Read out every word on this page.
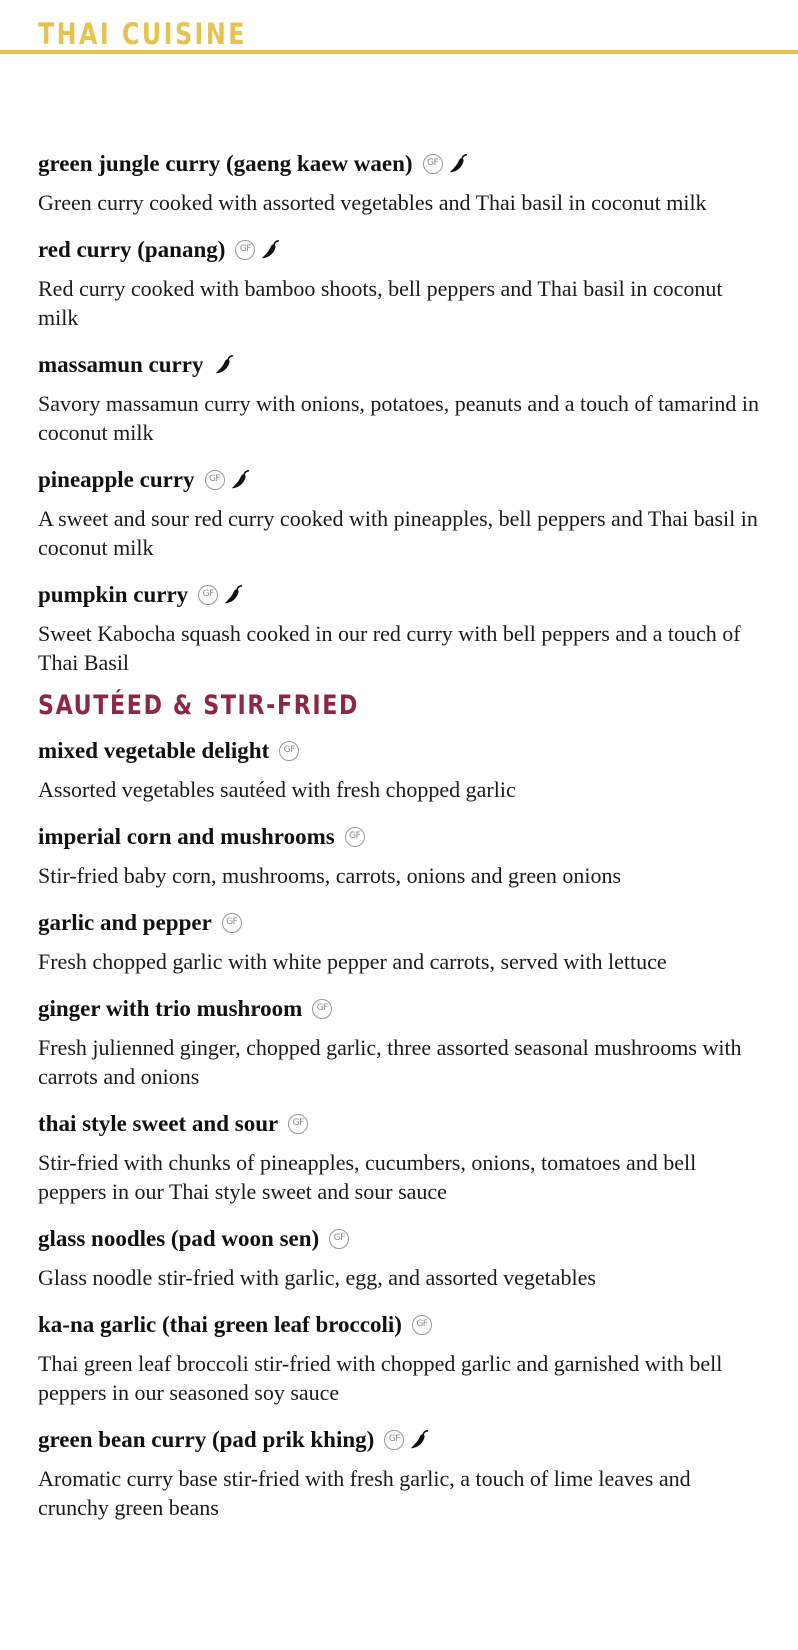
THAI CUISINE
green jungle curry (gaeng kaew waen)	GF
Green curry cooked with assorted vegetables and Thai basil in coconut milk
red curry (panang)	GF
Red curry cooked with bamboo shoots, bell peppers and Thai basil in coconut milk
massamun curry
Savory massamun curry with onions, potatoes, peanuts and a touch of tamarind in coconut milk
pineapple curry	GF
A sweet and sour red curry cooked with pineapples, bell peppers and Thai basil in coconut milk
pumpkin curry	GF
Sweet Kabocha squash cooked in our red curry with bell peppers and a touch of Thai Basil
SAUTÉED & STIR-FRIED
mixed vegetable delight	GF
Assorted vegetables sautéed with fresh chopped garlic
imperial corn and mushrooms	GF
Stir-fried baby corn, mushrooms, carrots, onions and green onions
garlic and pepper	GF
Fresh chopped garlic with white pepper and carrots, served with lettuce
ginger with trio mushroom	GF
Fresh julienned ginger, chopped garlic, three assorted seasonal mushrooms with carrots and onions
thai style sweet and sour	GF
Stir-fried with chunks of pineapples, cucumbers, onions, tomatoes and bell peppers in our Thai style sweet and sour sauce
glass noodles (pad woon sen)	GF
Glass noodle stir-fried with garlic, egg, and assorted vegetables
ka-na garlic (thai green leaf broccoli)	GF
Thai green leaf broccoli stir-fried with chopped garlic and garnished with bell peppers in our seasoned soy sauce
green bean curry (pad prik khing)	GF
Aromatic curry base stir-fried with fresh garlic, a touch of lime leaves and crunchy green beans
